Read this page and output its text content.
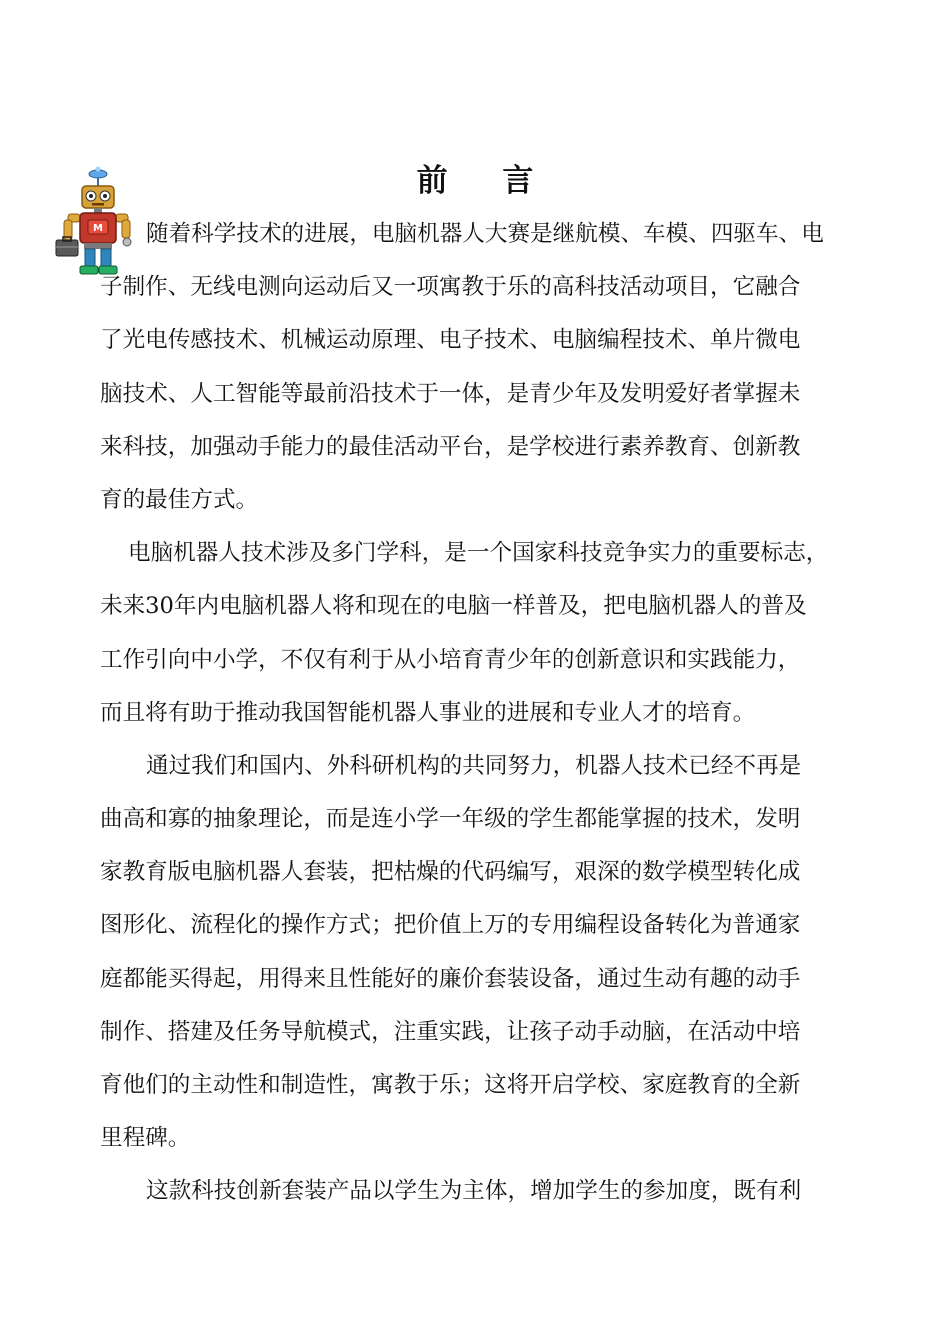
前 言
M	随着科学技术的进展，电脑机器人大赛是继航模、车模、四驱车、电
子制作、无线电测向运动后又一项寓教于乐的高科技活动项目，它融合
了光电传感技术、机械运动原理、电子技术、电脑编程技术、单片微电
脑技术、人工智能等最前沿技术于一体，是青少年及发明爱好者掌握未
来科技，加强动手能力的最佳活动平台，是学校进行素养教育、创新教
育的最佳方式。
电脑机器人技术涉及多门学科，是一个国家科技竞争实力的重要标志，
未来30年内电脑机器人将和现在的电脑一样普及，把电脑机器人的普及
工作引向中小学，不仅有利于从小培育青少年的创新意识和实践能力，
而且将有助于推动我国智能机器人事业的进展和专业人才的培育。
通过我们和国内、外科研机构的共同努力，机器人技术已经不再是
曲高和寡的抽象理论，而是连小学一年级的学生都能掌握的技术，发明
家教育版电脑机器人套装，把枯燥的代码编写，艰深的数学模型转化成
图形化、流程化的操作方式；把价值上万的专用编程设备转化为普通家
庭都能买得起，用得来且性能好的廉价套装设备，通过生动有趣的动手
制作、搭建及任务导航模式，注重实践，让孩子动手动脑，在活动中培
育他们的主动性和制造性，寓教于乐；这将开启学校、家庭教育的全新
里程碑。
这款科技创新套装产品以学生为主体，增加学生的参加度，既有利
